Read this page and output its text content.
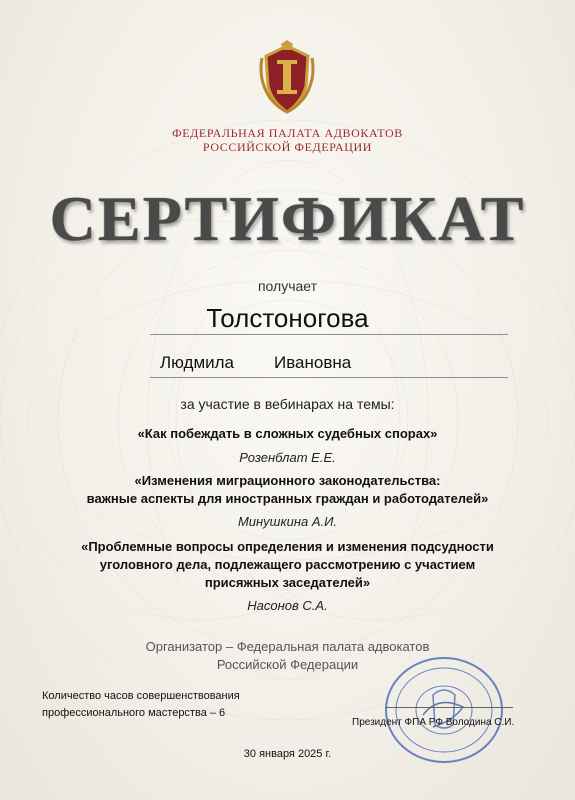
ФЕДЕРАЛЬНАЯ ПАЛАТА АДВОКАТОВ
РОССИЙСКОЙ ФЕДЕРАЦИИ
СЕРТИФИКАТ
получает
Толстоногова
Людмила Ивановна
за участие в вебинарах на темы:
«Как побеждать в сложных судебных спорах»
Розенблат Е.Е.
«Изменения миграционного законодательства:
важные аспекты для иностранных граждан и работодателей»
Минушкина А.И.
«Проблемные вопросы определения и изменения подсудности
уголовного дела, подлежащего рассмотрению с участием
присяжных заседателей»
Насонов С.А.
Организатор – Федеральная палата адвокатов
Российской Федерации
Количество часов совершенствования
профессионального мастерства – 6
Президент ФПА РФ Володина С.И.
30 января 2025 г.
